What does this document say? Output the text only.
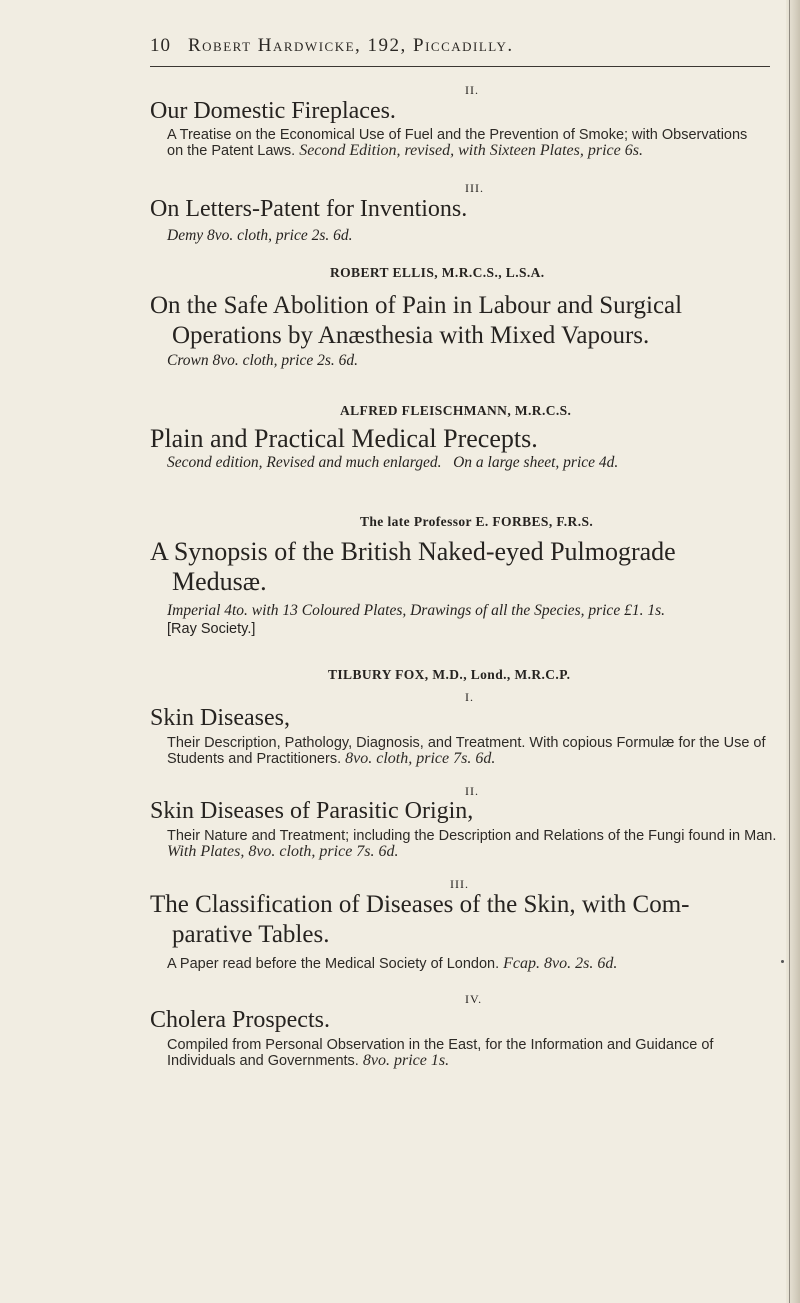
10 Robert Hardwicke, 192, Piccadilly.
II.
Our Domestic Fireplaces.
A Treatise on the Economical Use of Fuel and the Prevention of Smoke; with Observations on the Patent Laws. Second Edition, revised, with Sixteen Plates, price 6s.
III.
On Letters-Patent for Inventions.
Demy 8vo. cloth, price 2s. 6d.
ROBERT ELLIS, M.R.C.S., L.S.A.
On the Safe Abolition of Pain in Labour and Surgical
Operations by Anæsthesia with Mixed Vapours.
Crown 8vo. cloth, price 2s. 6d.
ALFRED FLEISCHMANN, M.R.C.S.
Plain and Practical Medical Precepts.
Second edition, Revised and much enlarged.   On a large sheet, price 4d.
The late Professor E. FORBES, F.R.S.
A Synopsis of the British Naked-eyed Pulmograde
Medusæ.
Imperial 4to. with 13 Coloured Plates, Drawings of all the Species, price £1. 1s.
[Ray Society.]
TILBURY FOX, M.D., Lond., M.R.C.P.
I.
Skin Diseases,
Their Description, Pathology, Diagnosis, and Treatment. With copious Formulæ for the Use of Students and Practitioners. 8vo. cloth, price 7s. 6d.
II.
Skin Diseases of Parasitic Origin,
Their Nature and Treatment; including the Description and Relations of the Fungi found in Man. With Plates, 8vo. cloth, price 7s. 6d.
III.
The Classification of Diseases of the Skin, with Com-
parative Tables.
A Paper read before the Medical Society of London. Fcap. 8vo. 2s. 6d.
IV.
Cholera Prospects.
Compiled from Personal Observation in the East, for the Information and Guidance of Individuals and Governments. 8vo. price 1s.
